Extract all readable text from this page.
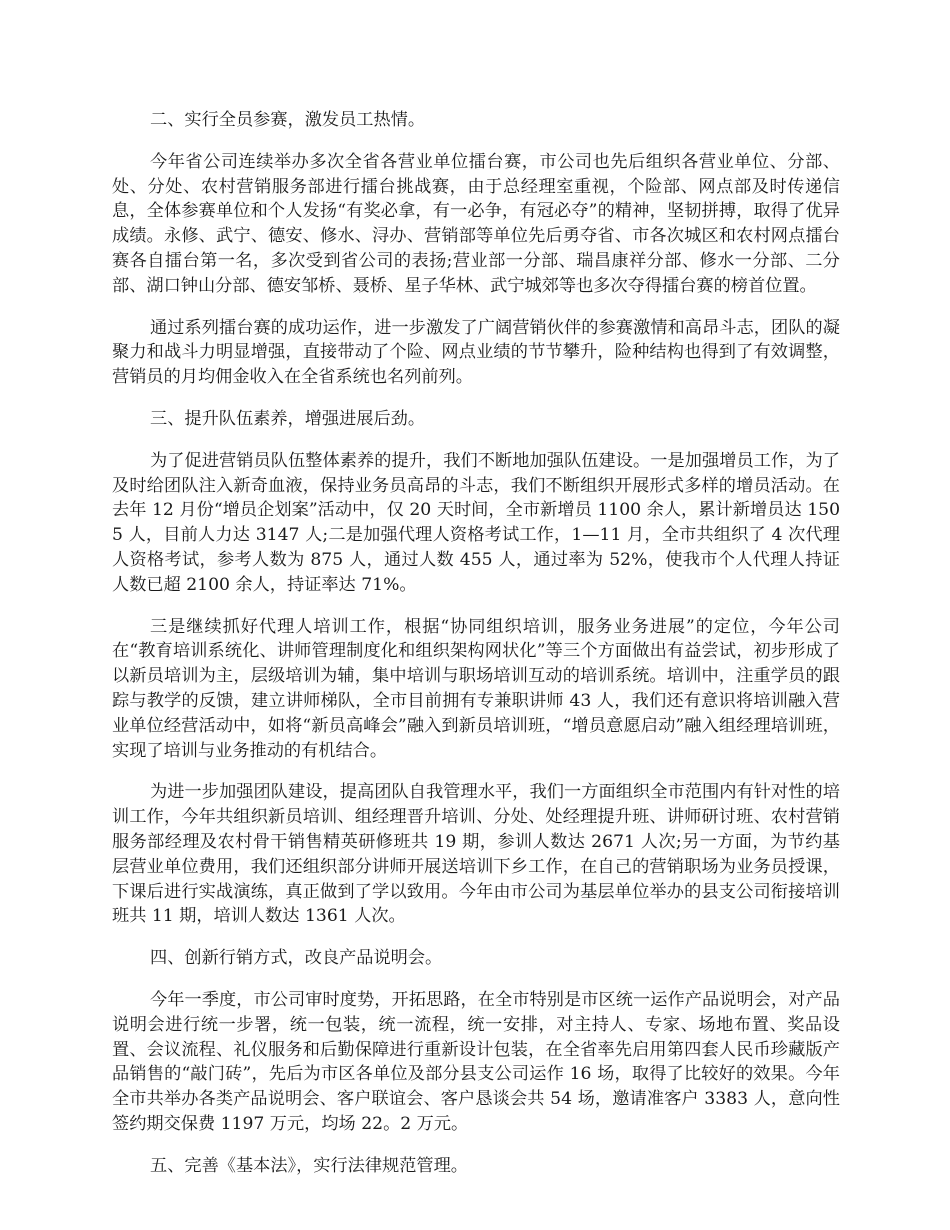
二、实行全员参赛，激发员工热情。

今年省公司连续举办多次全省各营业单位擂台赛，市公司也先后组织各营业单位、分部、处、分处、农村营销服务部进行擂台挑战赛，由于总经理室重视，个险部、网点部及时传递信息，全体参赛单位和个人发扬“有奖必拿，有一必争，有冠必夺”的精神，坚韧拼搏，取得了优异成绩。永修、武宁、德安、修水、浔办、营销部等单位先后勇夺省、市各次城区和农村网点擂台赛各自擂台第一名，多次受到省公司的表扬;营业部一分部、瑞昌康祥分部、修水一分部、二分部、湖口钟山分部、德安邹桥、聂桥、星子华林、武宁城郊等也多次夺得擂台赛的榜首位置。

通过系列擂台赛的成功运作，进一步激发了广阔营销伙伴的参赛激情和高昂斗志，团队的凝聚力和战斗力明显增强，直接带动了个险、网点业绩的节节攀升，险种结构也得到了有效调整，营销员的月均佣金收入在全省系统也名列前列。

三、提升队伍素养，增强进展后劲。

为了促进营销员队伍整体素养的提升，我们不断地加强队伍建设。一是加强增员工作，为了及时给团队注入新奇血液，保持业务员高昂的斗志，我们不断组织开展形式多样的增员活动。在去年 12 月份“增员企划案”活动中，仅 20 天时间，全市新增员 1100 余人，累计新增员达 1505 人，目前人力达 3147 人;二是加强代理人资格考试工作，1—11 月，全市共组织了 4 次代理人资格考试，参考人数为 875 人，通过人数 455 人，通过率为 52%，使我市个人代理人持证人数已超 2100 余人，持证率达 71%。

三是继续抓好代理人培训工作，根据“协同组织培训，服务业务进展”的定位，今年公司在“教育培训系统化、讲师管理制度化和组织架构网状化”等三个方面做出有益尝试，初步形成了以新员培训为主，层级培训为辅，集中培训与职场培训互动的培训系统。培训中，注重学员的跟踪与教学的反馈，建立讲师梯队，全市目前拥有专兼职讲师 43 人，我们还有意识将培训融入营业单位经营活动中，如将“新员高峰会”融入到新员培训班，“增员意愿启动”融入组经理培训班，实现了培训与业务推动的有机结合。

为进一步加强团队建设，提高团队自我管理水平，我们一方面组织全市范围内有针对性的培训工作，今年共组织新员培训、组经理晋升培训、分处、处经理提升班、讲师研讨班、农村营销服务部经理及农村骨干销售精英研修班共 19 期，参训人数达 2671 人次;另一方面，为节约基层营业单位费用，我们还组织部分讲师开展送培训下乡工作，在自己的营销职场为业务员授课，下课后进行实战演练，真正做到了学以致用。今年由市公司为基层单位举办的县支公司衔接培训班共 11 期，培训人数达 1361 人次。

四、创新行销方式，改良产品说明会。

今年一季度，市公司审时度势，开拓思路，在全市特别是市区统一运作产品说明会，对产品说明会进行统一步署，统一包装，统一流程，统一安排，对主持人、专家、场地布置、奖品设置、会议流程、礼仪服务和后勤保障进行重新设计包装，在全省率先启用第四套人民币珍藏版产品销售的“敲门砖”，先后为市区各单位及部分县支公司运作 16 场，取得了比较好的效果。今年全市共举办各类产品说明会、客户联谊会、客户恳谈会共 54 场，邀请准客户 3383 人，意向性签约期交保费 1197 万元，均场 22。2 万元。

五、完善《基本法》，实行法律规范管理。
